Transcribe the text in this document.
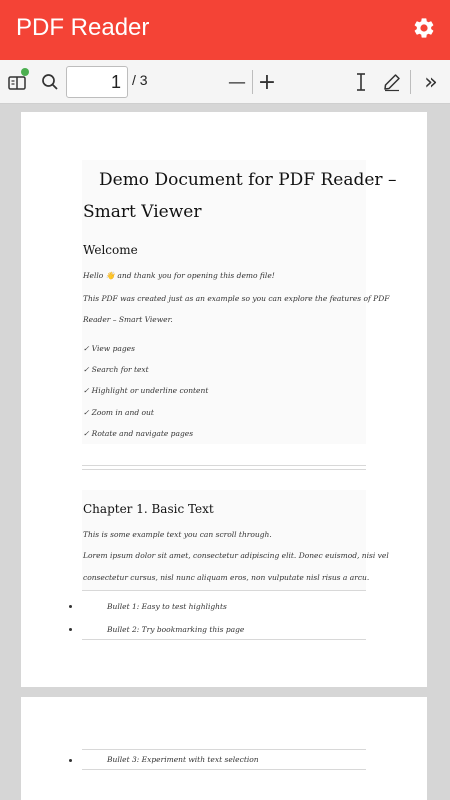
PDF Reader
1 / 3	— +	»
Demo Document for PDF Reader –
Smart Viewer
Welcome
Hello 👋 and thank you for opening this demo file!
This PDF was created just as an example so you can explore the features of PDF
Reader – Smart Viewer.
✓ View pages
✓ Search for text
✓ Highlight or underline content
✓ Zoom in and out
✓ Rotate and navigate pages
Chapter 1. Basic Text
This is some example text you can scroll through.
Lorem ipsum dolor sit amet, consectetur adipiscing elit. Donec euismod, nisi vel
consectetur cursus, nisl nunc aliquam eros, non vulputate nisl risus a arcu.
Bullet 1: Easy to test highlights
Bullet 2: Try bookmarking this page
Bullet 3: Experiment with text selection
